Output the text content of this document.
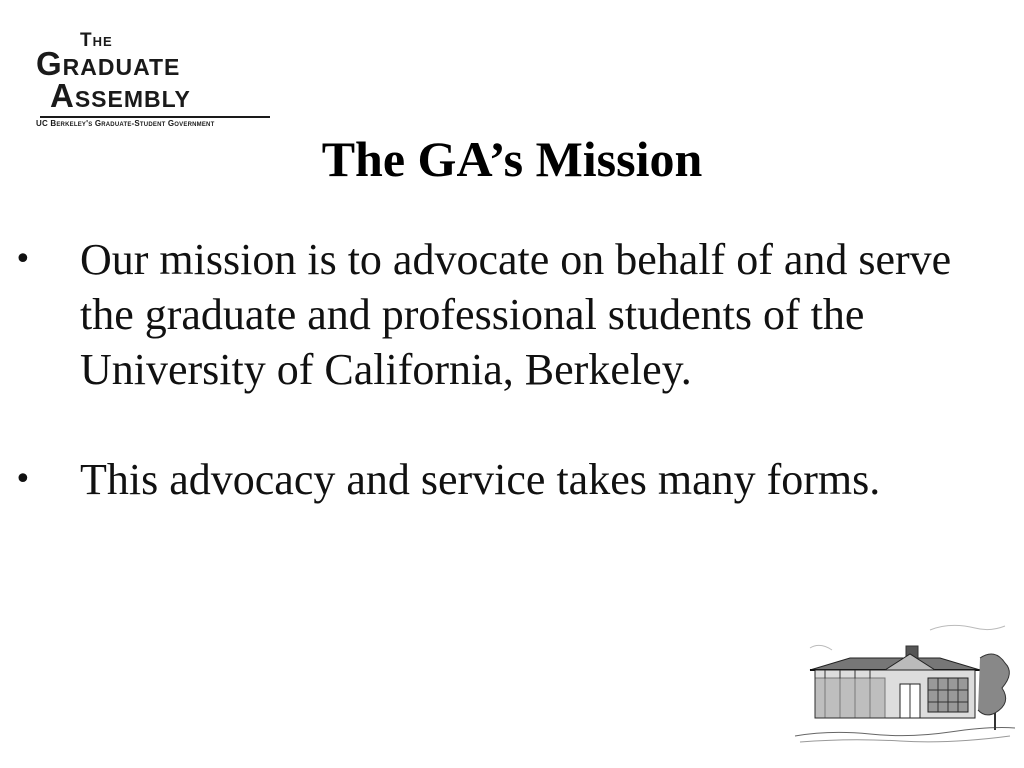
The
Graduate
Assembly
UC Berkeley's Graduate-Student Government
The GA’s Mission
• Our mission is to advocate on behalf of and serve the graduate and professional students of the University of California, Berkeley.
• This advocacy and service takes many forms.
